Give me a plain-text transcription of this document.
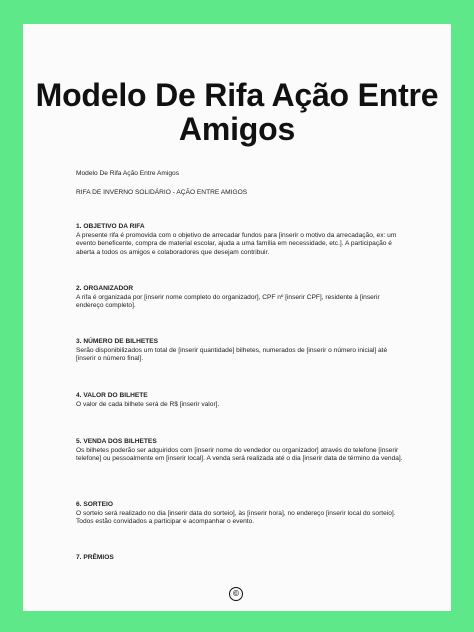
Modelo De Rifa Ação Entre Amigos

Modelo De Rifa Ação Entre Amigos

RIFA DE INVERNO SOLIDÁRIO - AÇÃO ENTRE AMIGOS

1. OBJETIVO DA RIFA

A presente rifa é promovida com o objetivo de arrecadar fundos para [inserir o motivo da arrecadação, ex: um evento beneficente, compra de material escolar, ajuda a uma família em necessidade, etc.]. A participação é aberta a todos os amigos e colaboradores que desejam contribuir.

2. ORGANIZADOR

A rifa é organizada por [inserir nome completo do organizador], CPF nº [inserir CPF], residente à [inserir endereço completo].

3. NÚMERO DE BILHETES

Serão disponibilizados um total de [inserir quantidade] bilhetes, numerados de [inserir o número inicial] até [inserir o número final].

4. VALOR DO BILHETE

O valor de cada bilhete será de R$ [inserir valor].

5. VENDA DOS BILHETES

Os bilhetes poderão ser adquiridos com [inserir nome do vendedor ou organizador] através do telefone [inserir telefone] ou pessoalmente em [inserir local]. A venda será realizada até o dia [inserir data de término da venda].

6. SORTEIO

O sorteio será realizado no dia [inserir data do sorteio], às [inserir hora], no endereço [inserir local do sorteio]. Todos estão convidados a participar e acompanhar o evento.

7. PRÊMIOS

©
